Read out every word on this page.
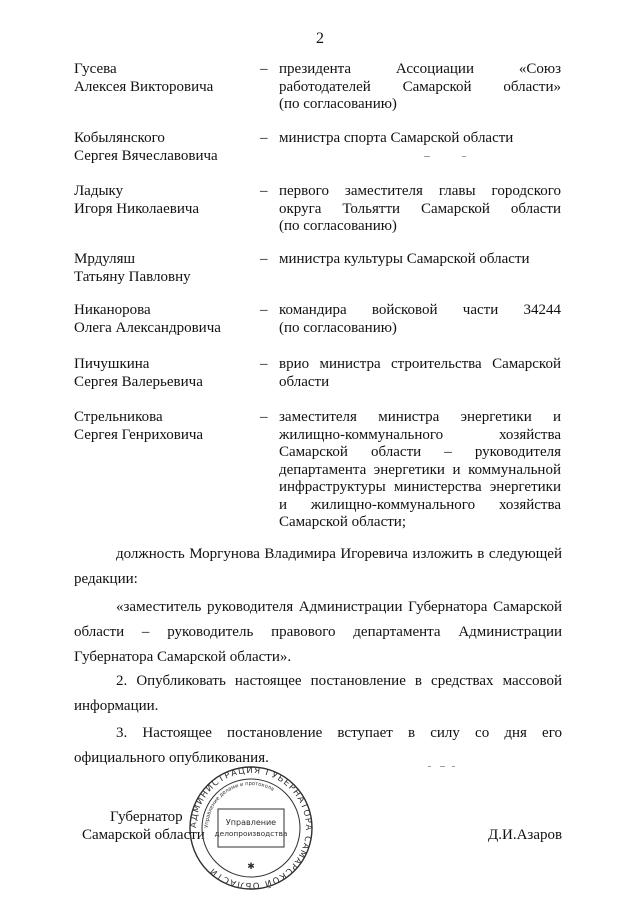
2
Гусева
Алексея Викторовича
– президента Ассоциации «Союз
работодателей Самарской области»
(по согласованию)
Кобылянского
Сергея Вячеславовича
– министра спорта Самарской области
Ладыку
Игоря Николаевича
– первого заместителя главы городского
округа Тольятти Самарской области
(по согласованию)
Мрдуляш
Татьяну Павловну
– министра культуры Самарской области
Никанорова
Олега Александровича
– командира войсковой части 34244
(по согласованию)
Пичушкина
Сергея Валерьевича
– врио министра строительства Самарской
области
Стрельникова
Сергея Генриховича
– заместителя министра энергетики и
жилищно-коммунального хозяйства
Самарской области – руководителя
департамента энергетики и коммунальной
инфраструктуры министерства энергетики
и жилищно-коммунального хозяйства
Самарской области;
должность Моргунова Владимира Игоревича изложить в следующей
редакции:
«заместитель руководителя Администрации Губернатора Самарской
области – руководитель правового департамента Администрации
Губернатора Самарской области».
2. Опубликовать настоящее постановление в средствах массовой
информации.
3. Настоящее постановление вступает в силу со дня его
официального опубликования.
Губернатор
Самарской области	Д.И.Азаров
АДМИНИСТРАЦИЯ ГУБЕРНАТОРА САМАРСКОЙ ОБЛАСТИ
Управление делами и протокола
Управление
делопроизводства
✱
